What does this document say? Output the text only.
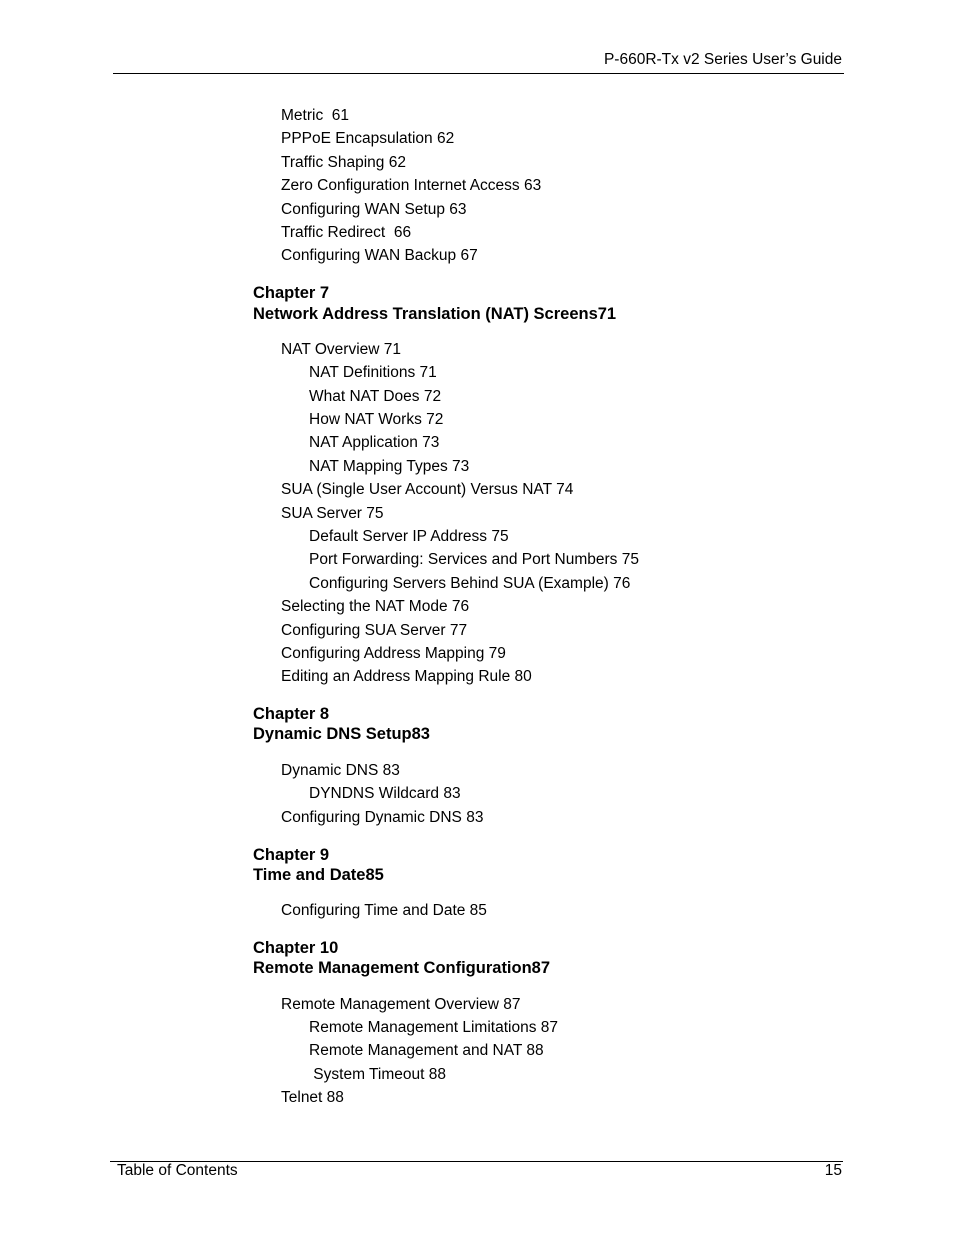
P-660R-Tx v2 Series User’s Guide
Metric  61
PPPoE Encapsulation 62
Traffic Shaping 62
Zero Configuration Internet Access 63
Configuring WAN Setup 63
Traffic Redirect  66
Configuring WAN Backup 67
Chapter 7
Network Address Translation (NAT) Screens71
NAT Overview 71
NAT Definitions 71
What NAT Does 72
How NAT Works 72
NAT Application 73
NAT Mapping Types 73
SUA (Single User Account) Versus NAT 74
SUA Server 75
Default Server IP Address 75
Port Forwarding: Services and Port Numbers 75
Configuring Servers Behind SUA (Example) 76
Selecting the NAT Mode 76
Configuring SUA Server 77
Configuring Address Mapping 79
Editing an Address Mapping Rule 80
Chapter 8
Dynamic DNS Setup83
Dynamic DNS 83
DYNDNS Wildcard 83
Configuring Dynamic DNS 83
Chapter 9
Time and Date85
Configuring Time and Date 85
Chapter 10
Remote Management Configuration87
Remote Management Overview 87
Remote Management Limitations 87
Remote Management and NAT 88
System Timeout 88
Telnet 88
Table of Contents	15
